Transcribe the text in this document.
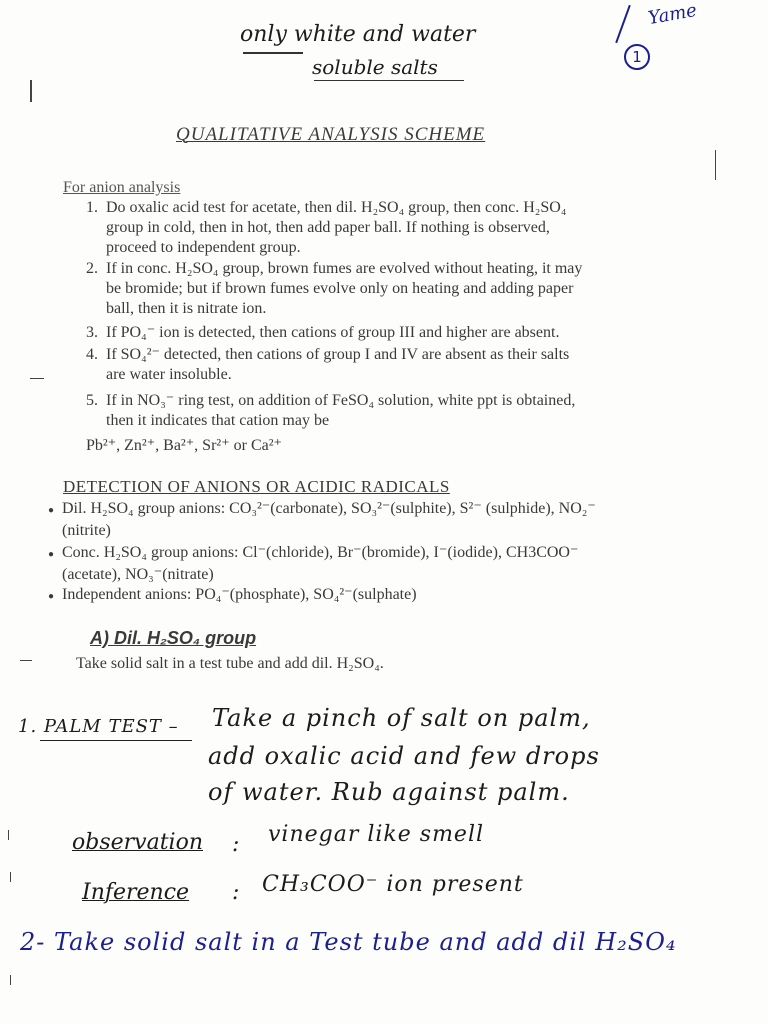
only white and water
soluble salts
Yame
1
QUALITATIVE ANALYSIS SCHEME
For anion analysis
1. Do oxalic acid test for acetate, then dil. H₂SO₄ group, then conc. H₂SO₄
group in cold, then in hot, then add paper ball. If nothing is observed,
proceed to independent group.
2. If in conc. H₂SO₄ group, brown fumes are evolved without heating, it may
be bromide; but if brown fumes evolve only on heating and adding paper
ball, then it is nitrate ion.
3. If PO₄⁻ ion is detected, then cations of group III and higher are absent.
4. If SO₄²⁻ detected, then cations of group I and IV are absent as their salts
are water insoluble.
5. If in NO₃⁻ ring test, on addition of FeSO₄ solution, white ppt is obtained,
then it indicates that cation may be
Pb²⁺, Zn²⁺, Ba²⁺, Sr²⁺ or Ca²⁺
DETECTION OF ANIONS OR ACIDIC RADICALS
● Dil. H₂SO₄ group anions: CO₃²⁻(carbonate), SO₃²⁻(sulphite), S²⁻ (sulphide), NO₂⁻
(nitrite)
● Conc. H₂SO₄ group anions: Cl⁻(chloride), Br⁻(bromide), I⁻(iodide), CH3COO⁻
(acetate), NO₃⁻(nitrate)
● Independent anions: PO₄⁻(phosphate), SO₄²⁻(sulphate)
A) Dil. H₂SO₄ group
Take solid salt in a test tube and add dil. H₂SO₄.
1. PALM TEST – Take a pinch of salt on palm,
add oxalic acid and few drops
of water. Rub against palm.
observation : vinegar like smell
Inference : CH₃COO⁻ ion present
2- Take solid salt in a Test tube and add dil H₂SO₄
